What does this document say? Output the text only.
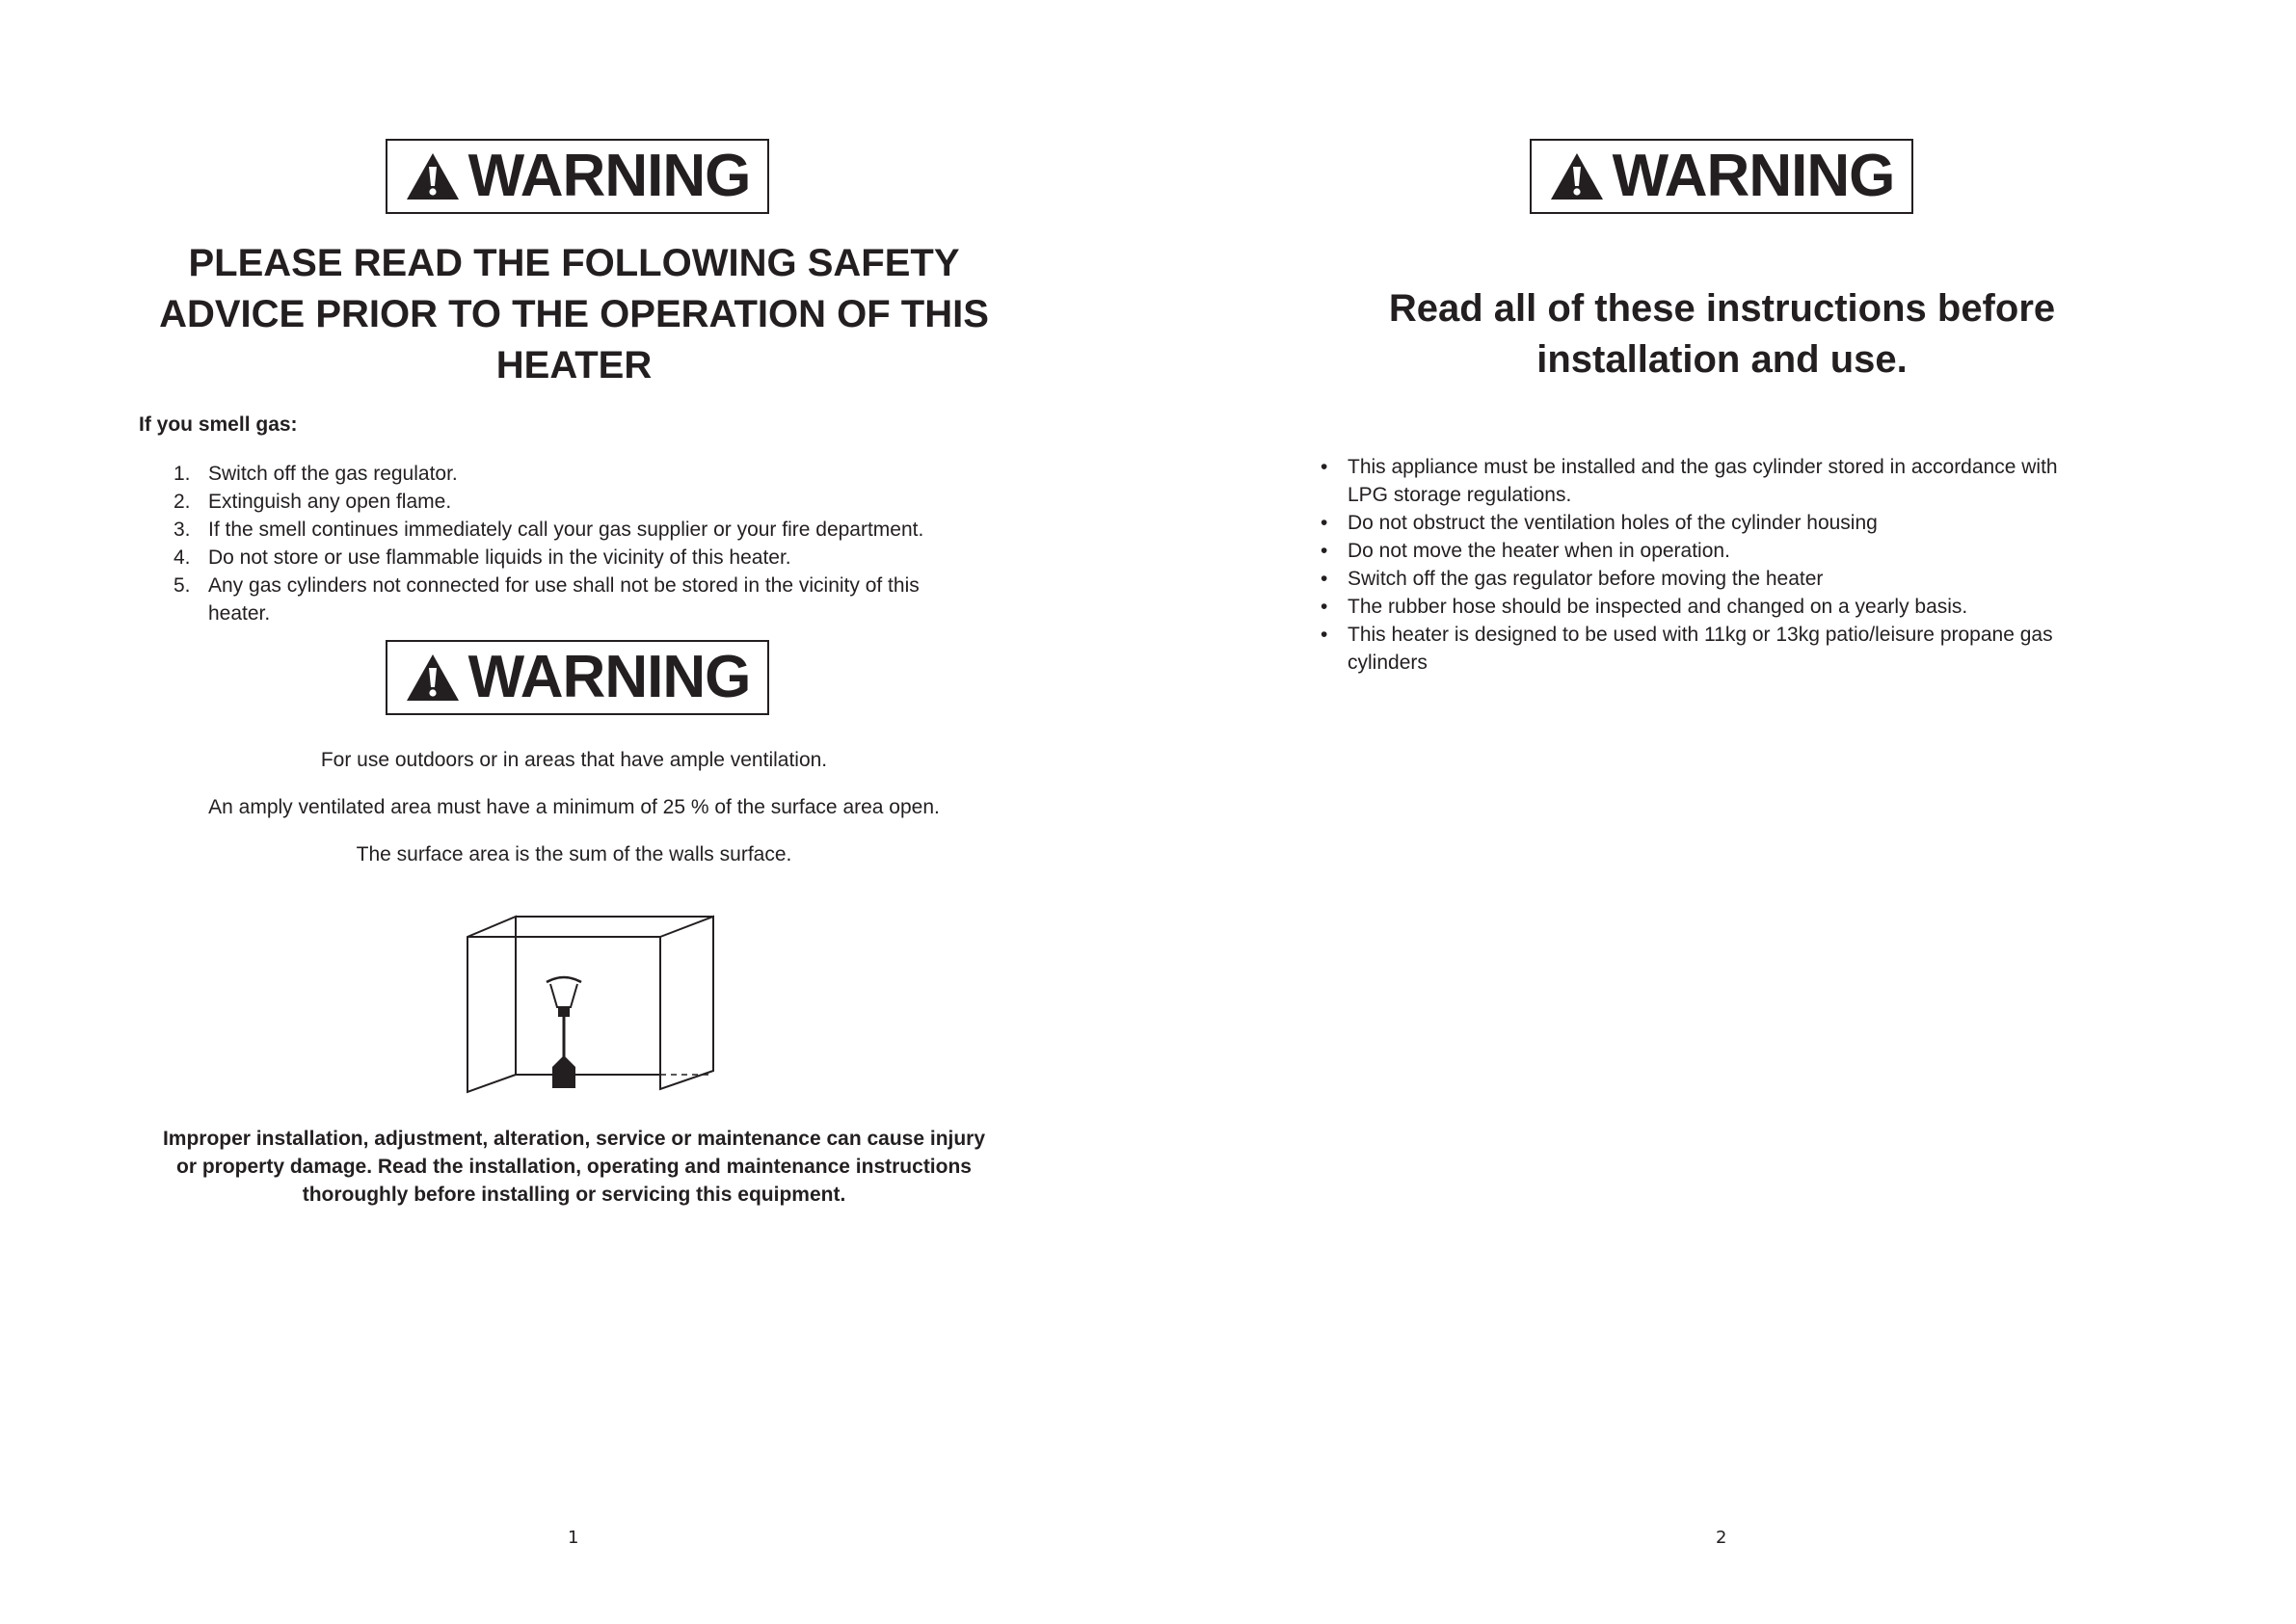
WARNING
PLEASE READ THE FOLLOWING SAFETY
ADVICE PRIOR TO THE OPERATION OF THIS
HEATER
If you smell gas:
1. Switch off the gas regulator.
2. Extinguish any open flame.
3. If the smell continues immediately call your gas supplier or your fire department.
4. Do not store or use flammable liquids in the vicinity of this heater.
5. Any gas cylinders not connected for use shall not be stored in the vicinity of this
heater.
WARNING
For use outdoors or in areas that have ample ventilation.
An amply ventilated area must have a minimum of 25 % of the surface area open.
The surface area is the sum of the walls surface.
Improper installation, adjustment, alteration, service or maintenance can cause injury
or property damage. Read the installation, operating and maintenance instructions
thoroughly before installing or servicing this equipment.
1
WARNING
Read all of these instructions before
installation and use.
• This appliance must be installed and the gas cylinder stored in accordance with
LPG storage regulations.
• Do not obstruct the ventilation holes of the cylinder housing
• Do not move the heater when in operation.
• Switch off the gas regulator before moving the heater
• The rubber hose should be inspected and changed on a yearly basis.
• This heater is designed to be used with 11kg or 13kg patio/leisure propane gas
cylinders
2
